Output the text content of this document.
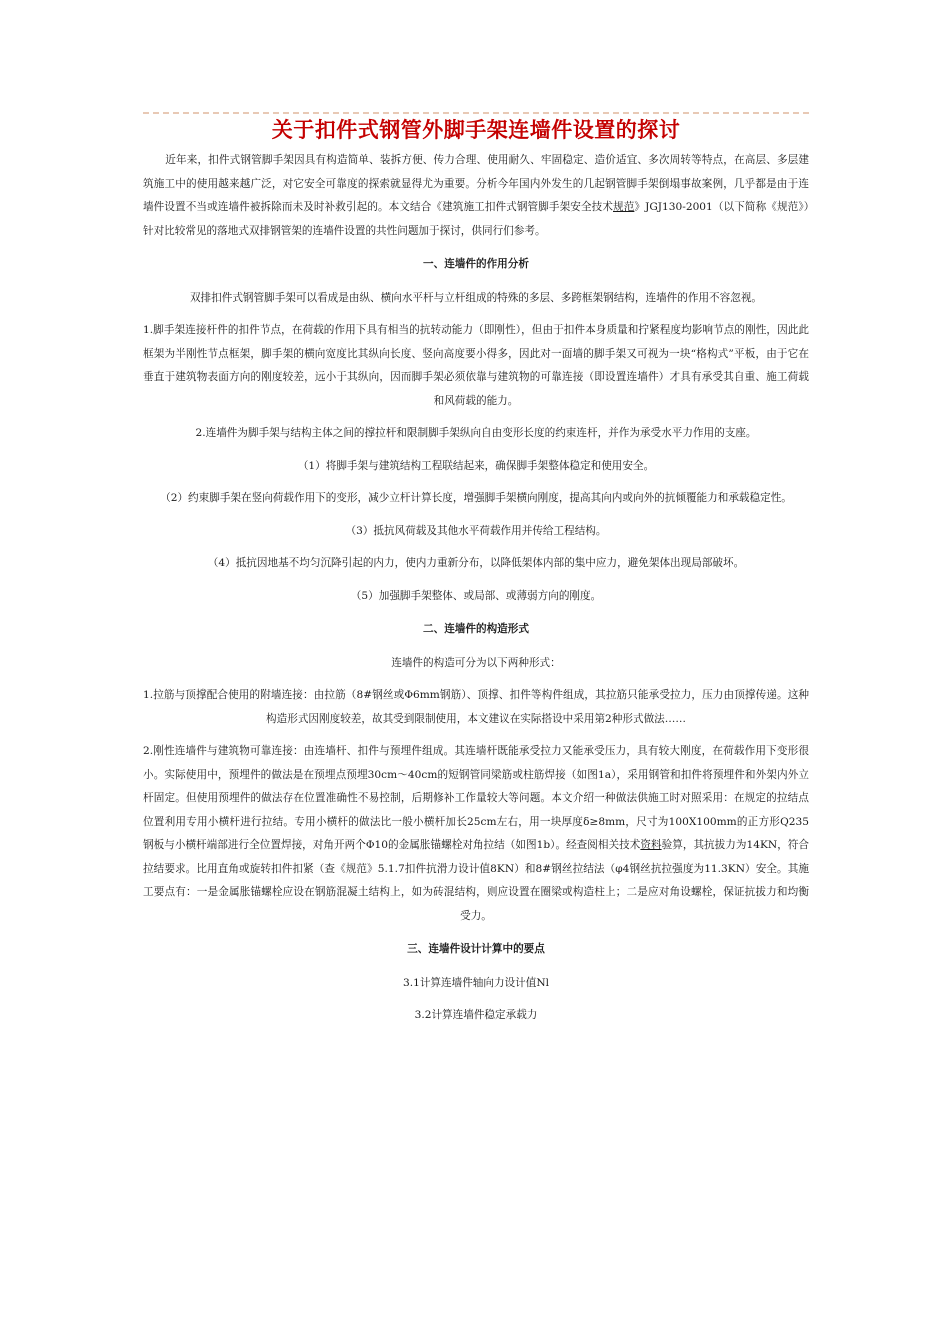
关于扣件式钢管外脚手架连墙件设置的探讨

近年来，扣件式钢管脚手架因具有构造简单、装拆方便、传力合理、使用耐久、牢固稳定、造价适宜、多次周转等特点，在高层、多层建筑施工中的使用越来越广泛，对它安全可靠度的探索就显得尤为重要。分析今年国内外发生的几起钢管脚手架倒塌事故案例，几乎都是由于连墙件设置不当或连墙件被拆除而未及时补救引起的。本文结合《建筑施工扣件式钢管脚手架安全技术规范》JGJ130-2001（以下简称《规范》）针对比较常见的落地式双排钢管架的连墙件设置的共性问题加于探讨，供同行们参考。

一、连墙件的作用分析

双排扣件式钢管脚手架可以看成是由纵、横向水平杆与立杆组成的特殊的多层、多跨框架钢结构，连墙件的作用不容忽视。

1.脚手架连接杆件的扣件节点，在荷载的作用下具有相当的抗转动能力（即刚性），但由于扣件本身质量和拧紧程度均影响节点的刚性，因此此框架为半刚性节点框架，脚手架的横向宽度比其纵向长度、竖向高度要小得多，因此对一面墙的脚手架又可视为一块“格构式”平板，由于它在垂直于建筑物表面方向的刚度较差，远小于其纵向，因而脚手架必须依靠与建筑物的可靠连接（即设置连墙件）才具有承受其自重、施工荷载和风荷载的能力。

2.连墙件为脚手架与结构主体之间的撑拉杆和限制脚手架纵向自由变形长度的约束连杆，并作为承受水平力作用的支座。

（1）将脚手架与建筑结构工程联结起来，确保脚手架整体稳定和使用安全。

（2）约束脚手架在竖向荷载作用下的变形，减少立杆计算长度，增强脚手架横向刚度，提高其向内或向外的抗倾覆能力和承载稳定性。

（3）抵抗风荷载及其他水平荷载作用并传给工程结构。

（4）抵抗因地基不均匀沉降引起的内力，使内力重新分布，以降低架体内部的集中应力，避免架体出现局部破坏。

（5）加强脚手架整体、或局部、或薄弱方向的刚度。

二、连墙件的构造形式

连墙件的构造可分为以下两种形式：

1.拉筋与顶撑配合使用的附墙连接：由拉筋（8#钢丝或Φ6mm钢筋）、顶撑、扣件等构件组成，其拉筋只能承受拉力，压力由顶撑传递。这种构造形式因刚度较差，故其受到限制使用，本文建议在实际搭设中采用第2种形式做法……

2.刚性连墙件与建筑物可靠连接：由连墙杆、扣件与预埋件组成。其连墙杆既能承受拉力又能承受压力，具有较大刚度，在荷载作用下变形很小。实际使用中，预埋件的做法是在预埋点预埋30cm～40cm的短钢管同梁筋或柱筋焊接（如图1a），采用钢管和扣件将预埋件和外架内外立杆固定。但使用预埋件的做法存在位置准确性不易控制，后期修补工作量较大等问题。本文介绍一种做法供施工时对照采用：在规定的拉结点位置利用专用小横杆进行拉结。专用小横杆的做法比一般小横杆加长25cm左右，用一块厚度δ≥8mm，尺寸为100X100mm的正方形Q235钢板与小横杆端部进行全位置焊接，对角开两个Φ10的金属胀锚螺栓对角拉结（如图1b）。经查阅相关技术资料验算，其抗拔力为14KN，符合拉结要求。比用直角或旋转扣件扣紧（查《规范》5.1.7扣件抗滑力设计值8KN）和8#钢丝拉结法（φ4钢丝抗拉强度为11.3KN）安全。其施工要点有：一是金属胀锚螺栓应设在钢筋混凝土结构上，如为砖混结构，则应设置在圈梁或构造柱上；二是应对角设螺栓，保证抗拔力和均衡受力。

三、连墙件设计计算中的要点

3.1计算连墙件轴向力设计值Nl

3.2计算连墙件稳定承载力
